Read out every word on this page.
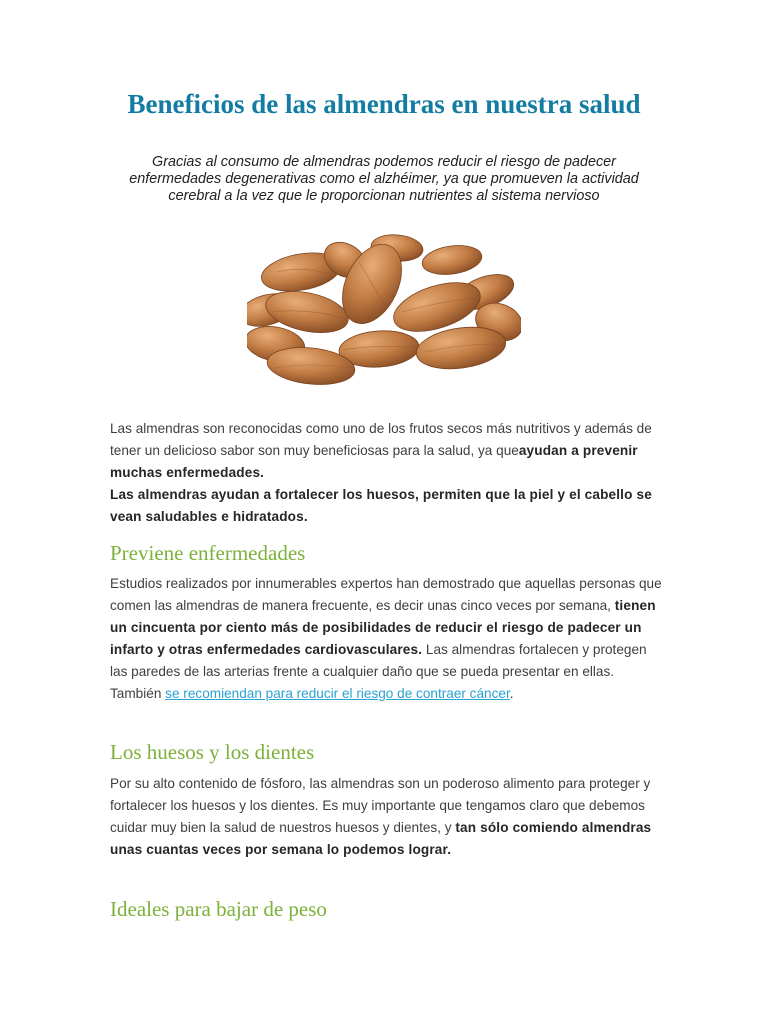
Beneficios de las almendras en nuestra salud

Gracias al consumo de almendras podemos reducir el riesgo de padecer enfermedades degenerativas como el alzhéimer, ya que promueven la actividad cerebral a la vez que le proporcionan nutrientes al sistema nervioso

Las almendras son reconocidas como uno de los frutos secos más nutritivos y además de tener un delicioso sabor son muy beneficiosas para la salud, ya queayudan a prevenir muchas enfermedades.

Las almendras ayudan a fortalecer los huesos, permiten que la piel y el cabello se vean saludables e hidratados.

Previene enfermedades

Estudios realizados por innumerables expertos han demostrado que aquellas personas que comen las almendras de manera frecuente, es decir unas cinco veces por semana, tienen un cincuenta por ciento más de posibilidades de reducir el riesgo de padecer un infarto y otras enfermedades cardiovasculares. Las almendras fortalecen y protegen las paredes de las arterias frente a cualquier daño que se pueda presentar en ellas. También se recomiendan para reducir el riesgo de contraer cáncer.

Los huesos y los dientes

Por su alto contenido de fósforo, las almendras son un poderoso alimento para proteger y fortalecer los huesos y los dientes. Es muy importante que tengamos claro que debemos cuidar muy bien la salud de nuestros huesos y dientes, y tan sólo comiendo almendras unas cuantas veces por semana lo podemos lograr.

Ideales para bajar de peso
